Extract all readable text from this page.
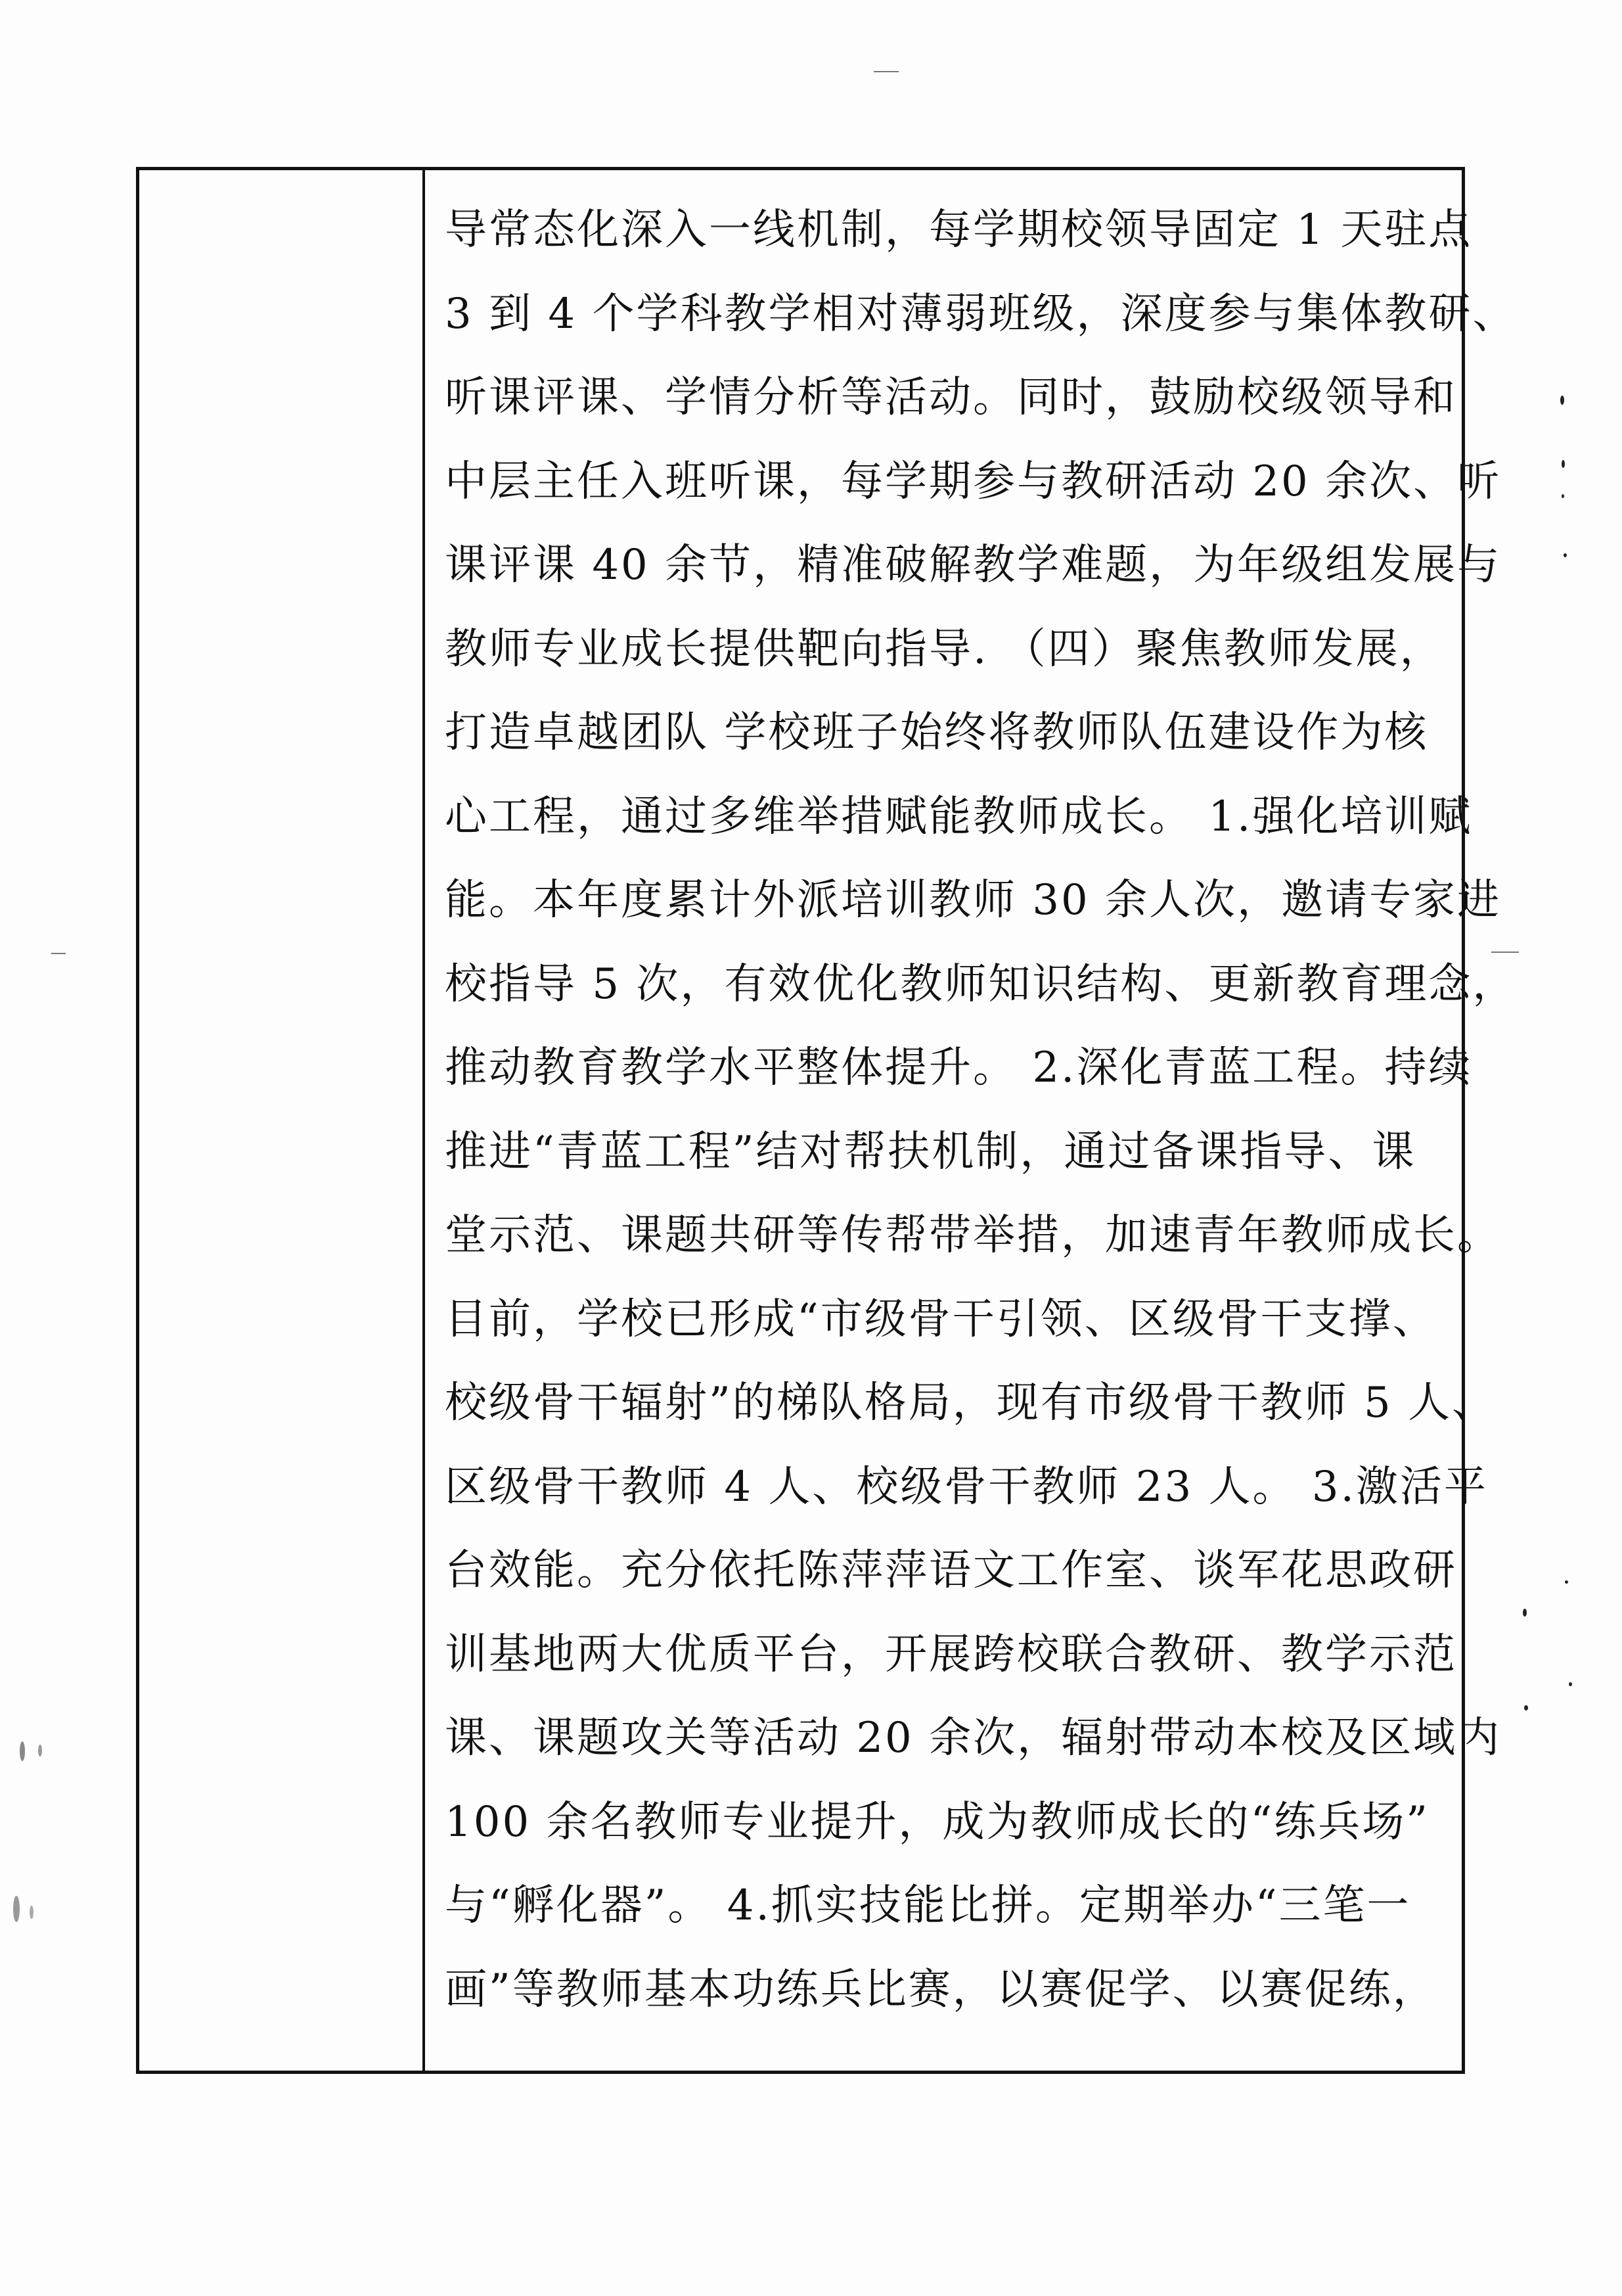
导常态化深入一线机制，每学期校领导固定 1 天驻点
3 到 4 个学科教学相对薄弱班级，深度参与集体教研、
听课评课、学情分析等活动。同时，鼓励校级领导和
中层主任入班听课，每学期参与教研活动 20 余次、听
课评课 40 余节，精准破解教学难题，为年级组发展与
教师专业成长提供靶向指导. （四）聚焦教师发展，
打造卓越团队 学校班子始终将教师队伍建设作为核
心工程，通过多维举措赋能教师成长。 1.强化培训赋
能。本年度累计外派培训教师 30 余人次，邀请专家进
校指导 5 次，有效优化教师知识结构、更新教育理念，
推动教育教学水平整体提升。 2.深化青蓝工程。持续
推进“青蓝工程”结对帮扶机制，通过备课指导、课
堂示范、课题共研等传帮带举措，加速青年教师成长。
目前，学校已形成“市级骨干引领、区级骨干支撑、
校级骨干辐射”的梯队格局，现有市级骨干教师 5 人、
区级骨干教师 4 人、校级骨干教师 23 人。 3.激活平
台效能。充分依托陈萍萍语文工作室、谈军花思政研
训基地两大优质平台，开展跨校联合教研、教学示范
课、课题攻关等活动 20 余次，辐射带动本校及区域内
100 余名教师专业提升，成为教师成长的“练兵场”
与“孵化器”。 4.抓实技能比拼。定期举办“三笔一
画”等教师基本功练兵比赛，以赛促学、以赛促练，
